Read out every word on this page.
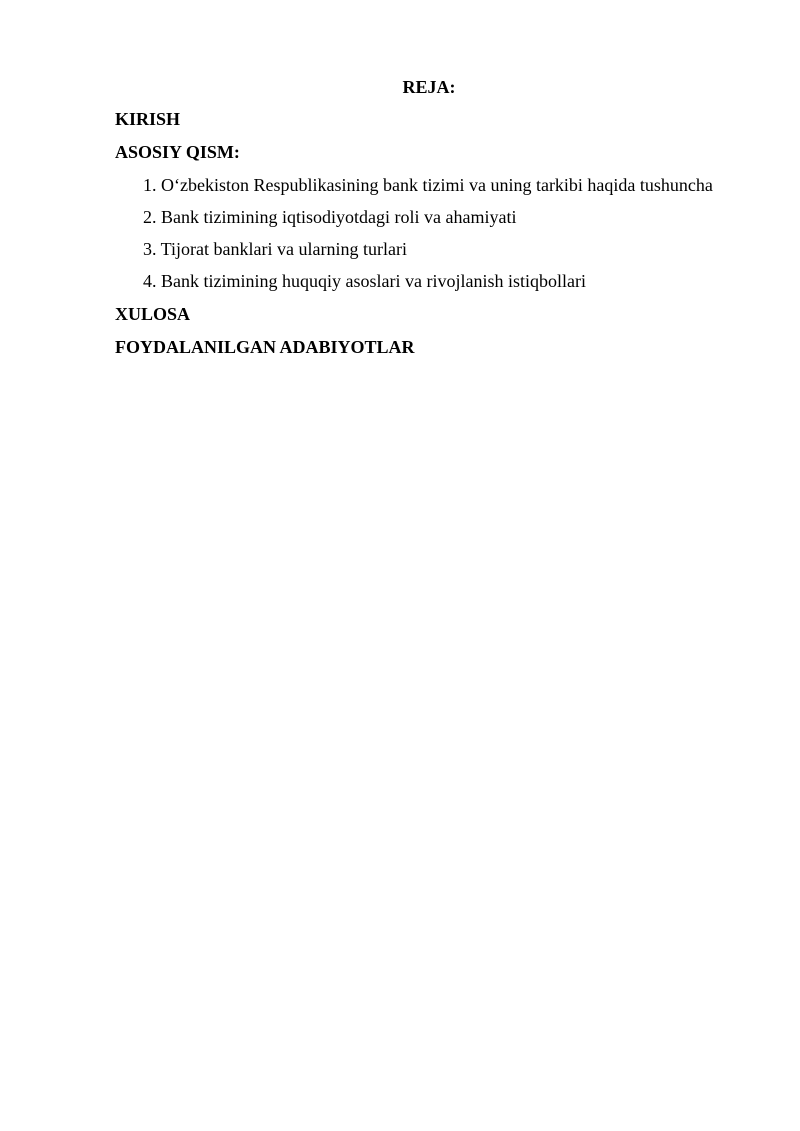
REJA:
KIRISH
ASOSIY QISM:
1. O‘zbekiston Respublikasining bank tizimi va uning tarkibi haqida tushuncha
2. Bank tizimining iqtisodiyotdagi roli va ahamiyati
3. Tijorat banklari va ularning turlari
4. Bank tizimining huquqiy asoslari va rivojlanish istiqbollari
XULOSA
FOYDALANILGAN ADABIYOTLAR
